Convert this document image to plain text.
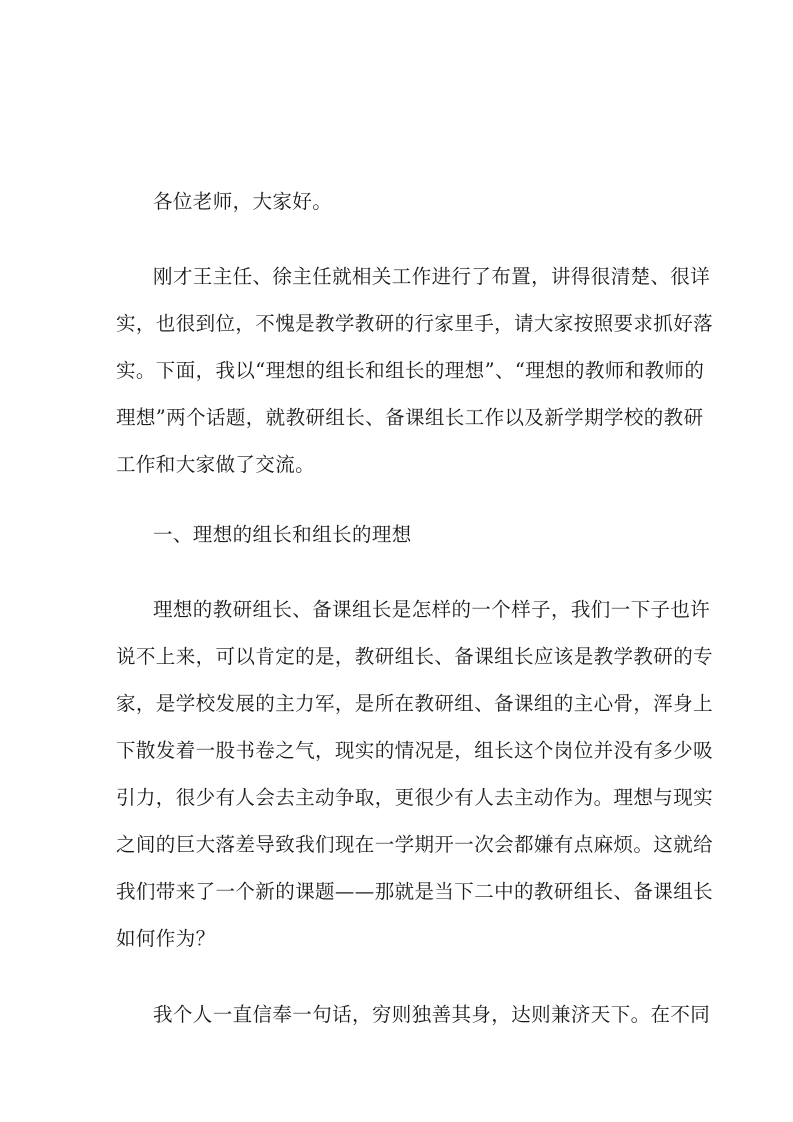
各位老师，大家好。
刚才王主任、徐主任就相关工作进行了布置，讲得很清楚、很详
实，也很到位，不愧是教学教研的行家里手，请大家按照要求抓好落
实。下面，我以“理想的组长和组长的理想”、“理想的教师和教师的
理想”两个话题，就教研组长、备课组长工作以及新学期学校的教研
工作和大家做了交流。
一、理想的组长和组长的理想
理想的教研组长、备课组长是怎样的一个样子，我们一下子也许
说不上来，可以肯定的是，教研组长、备课组长应该是教学教研的专
家，是学校发展的主力军，是所在教研组、备课组的主心骨，浑身上
下散发着一股书卷之气，现实的情况是，组长这个岗位并没有多少吸
引力，很少有人会去主动争取，更很少有人去主动作为。理想与现实
之间的巨大落差导致我们现在一学期开一次会都嫌有点麻烦。这就给
我们带来了一个新的课题——那就是当下二中的教研组长、备课组长
如何作为？
我个人一直信奉一句话，穷则独善其身，达则兼济天下。在不同
